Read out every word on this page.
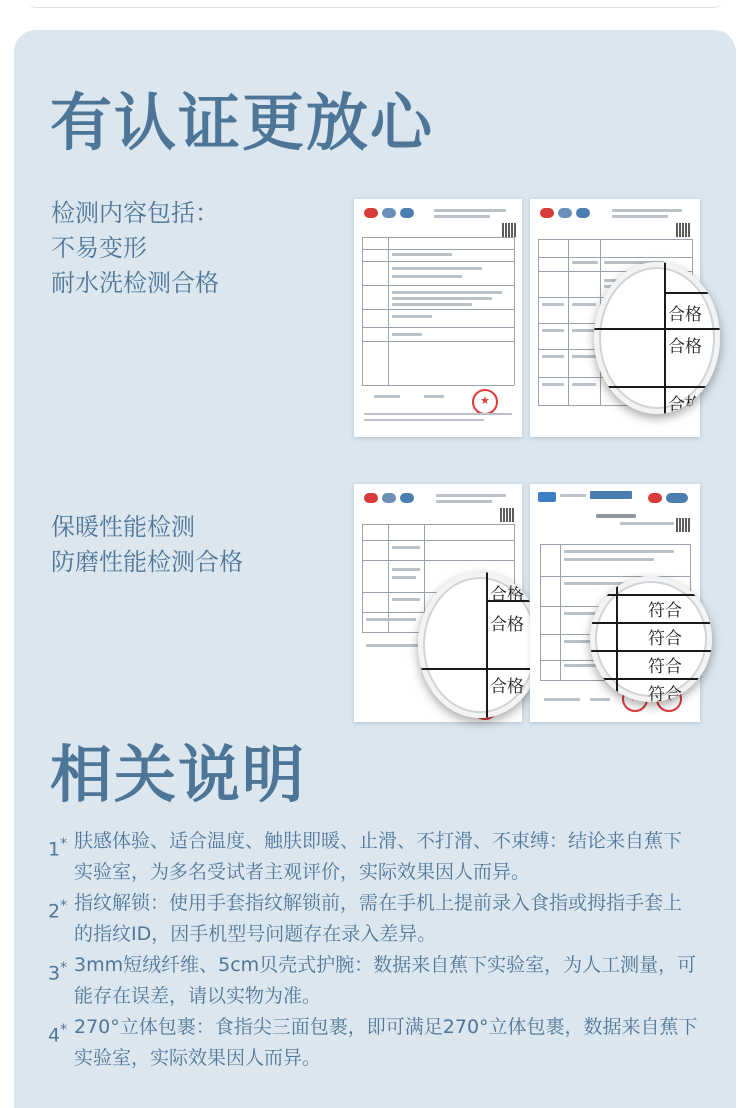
有认证更放心
检测内容包括：
不易变形
耐水洗检测合格
★
合格
合格
合格
保暖性能检测
防磨性能检测合格
★
合格
合格
合格
★
★
符合
符合
符合
符合
相关说明
1* 肤感体验、适合温度、触肤即暖、止滑、不打滑、不束缚：结论来自蕉下实验室，为多名受试者主观评价，实际效果因人而异。
2* 指纹解锁：使用手套指纹解锁前，需在手机上提前录入食指或拇指手套上的指纹ID，因手机型号问题存在录入差异。
3* 3mm短绒纤维、5cm贝壳式护腕：数据来自蕉下实验室，为人工测量，可能存在误差，请以实物为准。
4* 270°立体包裹：食指尖三面包裹，即可满足270°立体包裹，数据来自蕉下实验室，实际效果因人而异。
